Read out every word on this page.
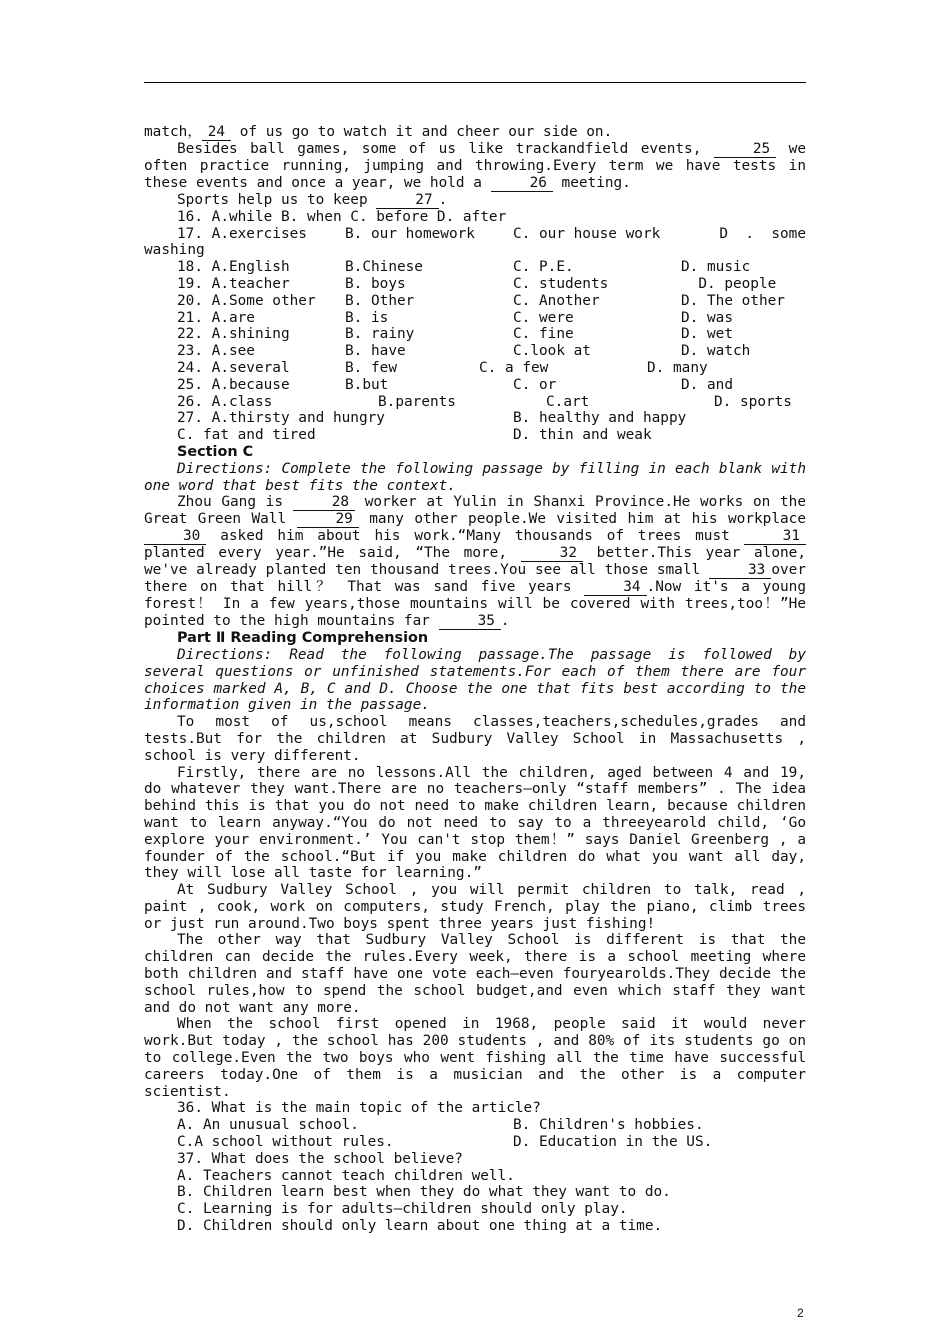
match， 24 of us go to watch it and cheer our side on.

Besides ball games, some of us like trackandfield events,	25 we often practice running, jumping and throwing.Every term we have tests in these events and once a year, we hold a	26 meeting.

Sports help us to keep	27 .

16. A.while B. when C. before D. after

17. A.exercises	B. our homework	C. our house work	D  .  some

washing

18. A.English	B.Chinese	C. P.E.	D. music
19. A.teacher	B. boys	C. students	D. people
20. A.Some other	B. Other	C. Another	D. The other
21. A.are	B. is	C. were	D. was
22. A.shining	B. rainy	C. fine	D. wet
23. A.see	B. have	C.look at	D. watch
24. A.several	B. few	C. a few	D. many
25. A.because	B.but	C. or	D. and
26. A.class	B.parents	C.art	D. sports
27. A.thirsty and hungry	B. healthy and happy
C. fat and tired	D. thin and weak

Section C

Directions: Complete the following passage by filling in each blank with one word that best fits the context.

Zhou Gang is	28 worker at Yulin in Shanxi Province.He works on the Great Green Wall	29 many other people.We visited him at his workplace 30 asked him about his work.“Many thousands of trees must	31 planted every year.”He said, “The more,	32 better.This year alone, we've already planted ten thousand trees.You see all those small	33 over there on that hill？ That was sand five years	34 .Now it's a young forest！ In a few years,those mountains will be covered with trees,too！”He pointed to the high mountains far	35 .

Part Ⅱ Reading Comprehension

Directions: Read the following passage.The passage is followed by several questions or unfinished statements.For each of them there are four choices marked A, B, C and D. Choose the one that fits best according to the information given in the passage.

To most of us,school means classes,teachers,schedules,grades and tests.But for the children at Sudbury Valley School in Massachusetts , school is very different.

Firstly, there are no lessons.All the children, aged between 4 and 19, do whatever they want.There are no teachers—only “staff members” . The idea behind this is that you do not need to make children learn, because children want to learn anyway.“You do not need to say to a threeyearold child, ‘Go explore your environment.’ You can't stop them！” says Daniel Greenberg , a founder of the school.“But if you make children do what you want all day, they will lose all taste for learning.”

At Sudbury Valley School , you will permit children to talk, read , paint , cook, work on computers, study French, play the piano, climb trees or just run around.Two boys spent three years just fishing!

The other way that Sudbury Valley School is different is that the children can decide the rules.Every week, there is a school meeting where both children and staff have one vote each—even fouryearolds.They decide the school rules,how to spend the school budget,and even which staff they want and do not want any more.

When the school first opened in 1968, people said it would never work.But today , the school has 200 students , and 80% of its students go on to college.Even the two boys who went fishing all the time have successful careers today.One of them is a musician and the other is a computer scientist.

36. What is the main topic of the article?

A. An unusual school.	B. Children's hobbies.
C.A school without rules.	D. Education in the US.

37. What does the school believe?

A. Teachers cannot teach children well.

B. Children learn best when they do what they want to do.

C. Learning is for adults—children should only play.

D. Children should only learn about one thing at a time.

2
